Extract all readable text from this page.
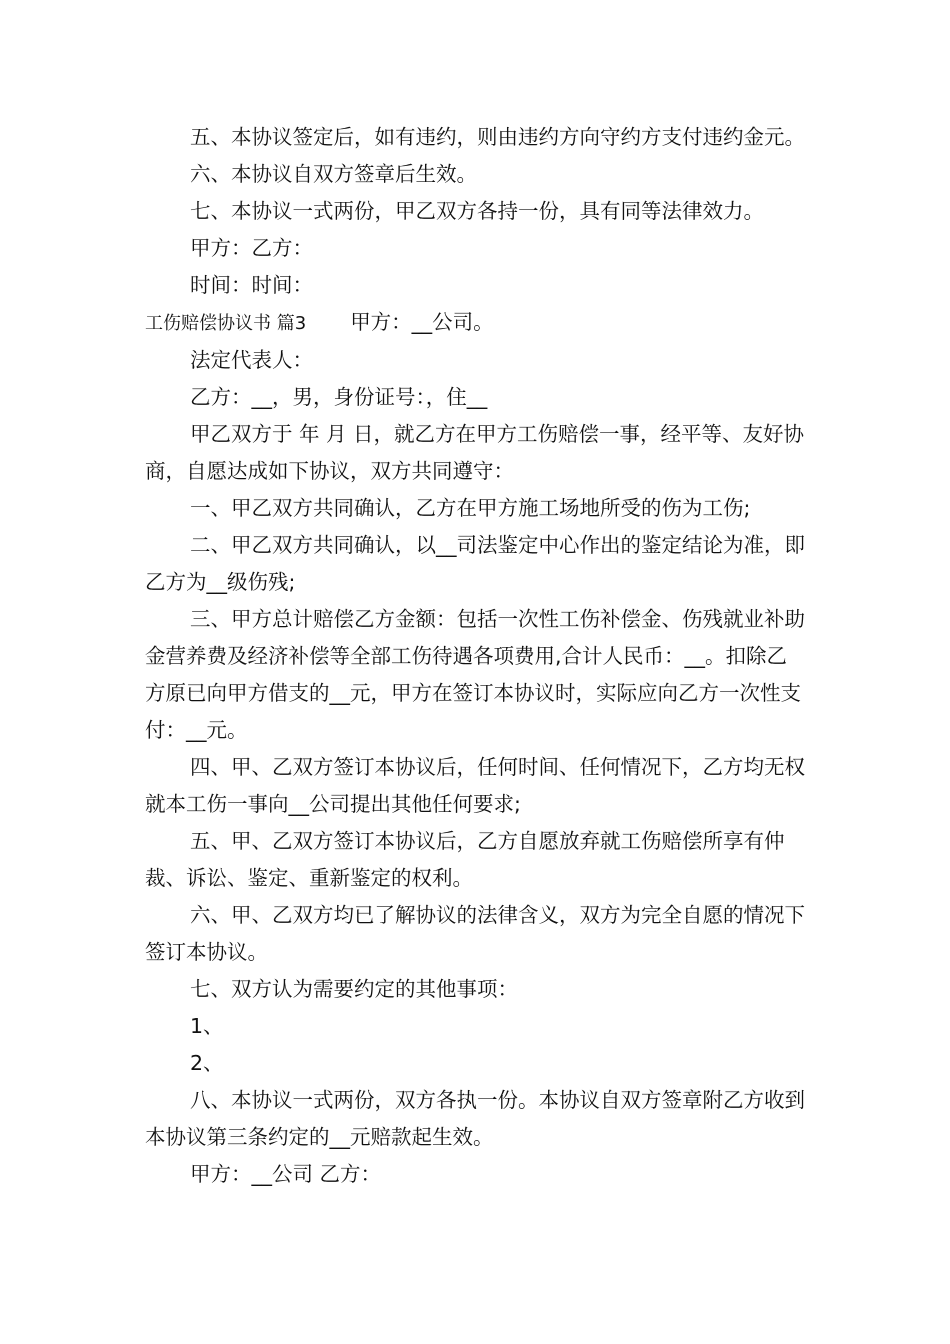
五、本协议签定后，如有违约，则由违约方向守约方支付违约金元。

六、本协议自双方签章后生效。

七、本协议一式两份，甲乙双方各持一份，具有同等法律效力。

甲方：乙方：

时间：时间：

工伤赔偿协议书 篇3 甲方：__公司。

法定代表人：

乙方：__，男，身份证号：，住__

甲乙双方于 年 月 日，就乙方在甲方工伤赔偿一事，经平等、友好协商，自愿达成如下协议，双方共同遵守：

一、甲乙双方共同确认，乙方在甲方施工场地所受的伤为工伤;

二、甲乙双方共同确认，以__司法鉴定中心作出的鉴定结论为准，即乙方为__级伤残;

三、甲方总计赔偿乙方金额：包括一次性工伤补偿金、伤残就业补助金营养费及经济补偿等全部工伤待遇各项费用,合计人民币：__。扣除乙方原已向甲方借支的__元，甲方在签订本协议时，实际应向乙方一次性支付：__元。

四、甲、乙双方签订本协议后，任何时间、任何情况下，乙方均无权就本工伤一事向__公司提出其他任何要求;

五、甲、乙双方签订本协议后，乙方自愿放弃就工伤赔偿所享有仲裁、诉讼、鉴定、重新鉴定的权利。

六、甲、乙双方均已了解协议的法律含义，双方为完全自愿的情况下签订本协议。

七、双方认为需要约定的其他事项：

1、

2、

八、本协议一式两份，双方各执一份。本协议自双方签章附乙方收到本协议第三条约定的__元赔款起生效。

甲方：__公司 乙方：
